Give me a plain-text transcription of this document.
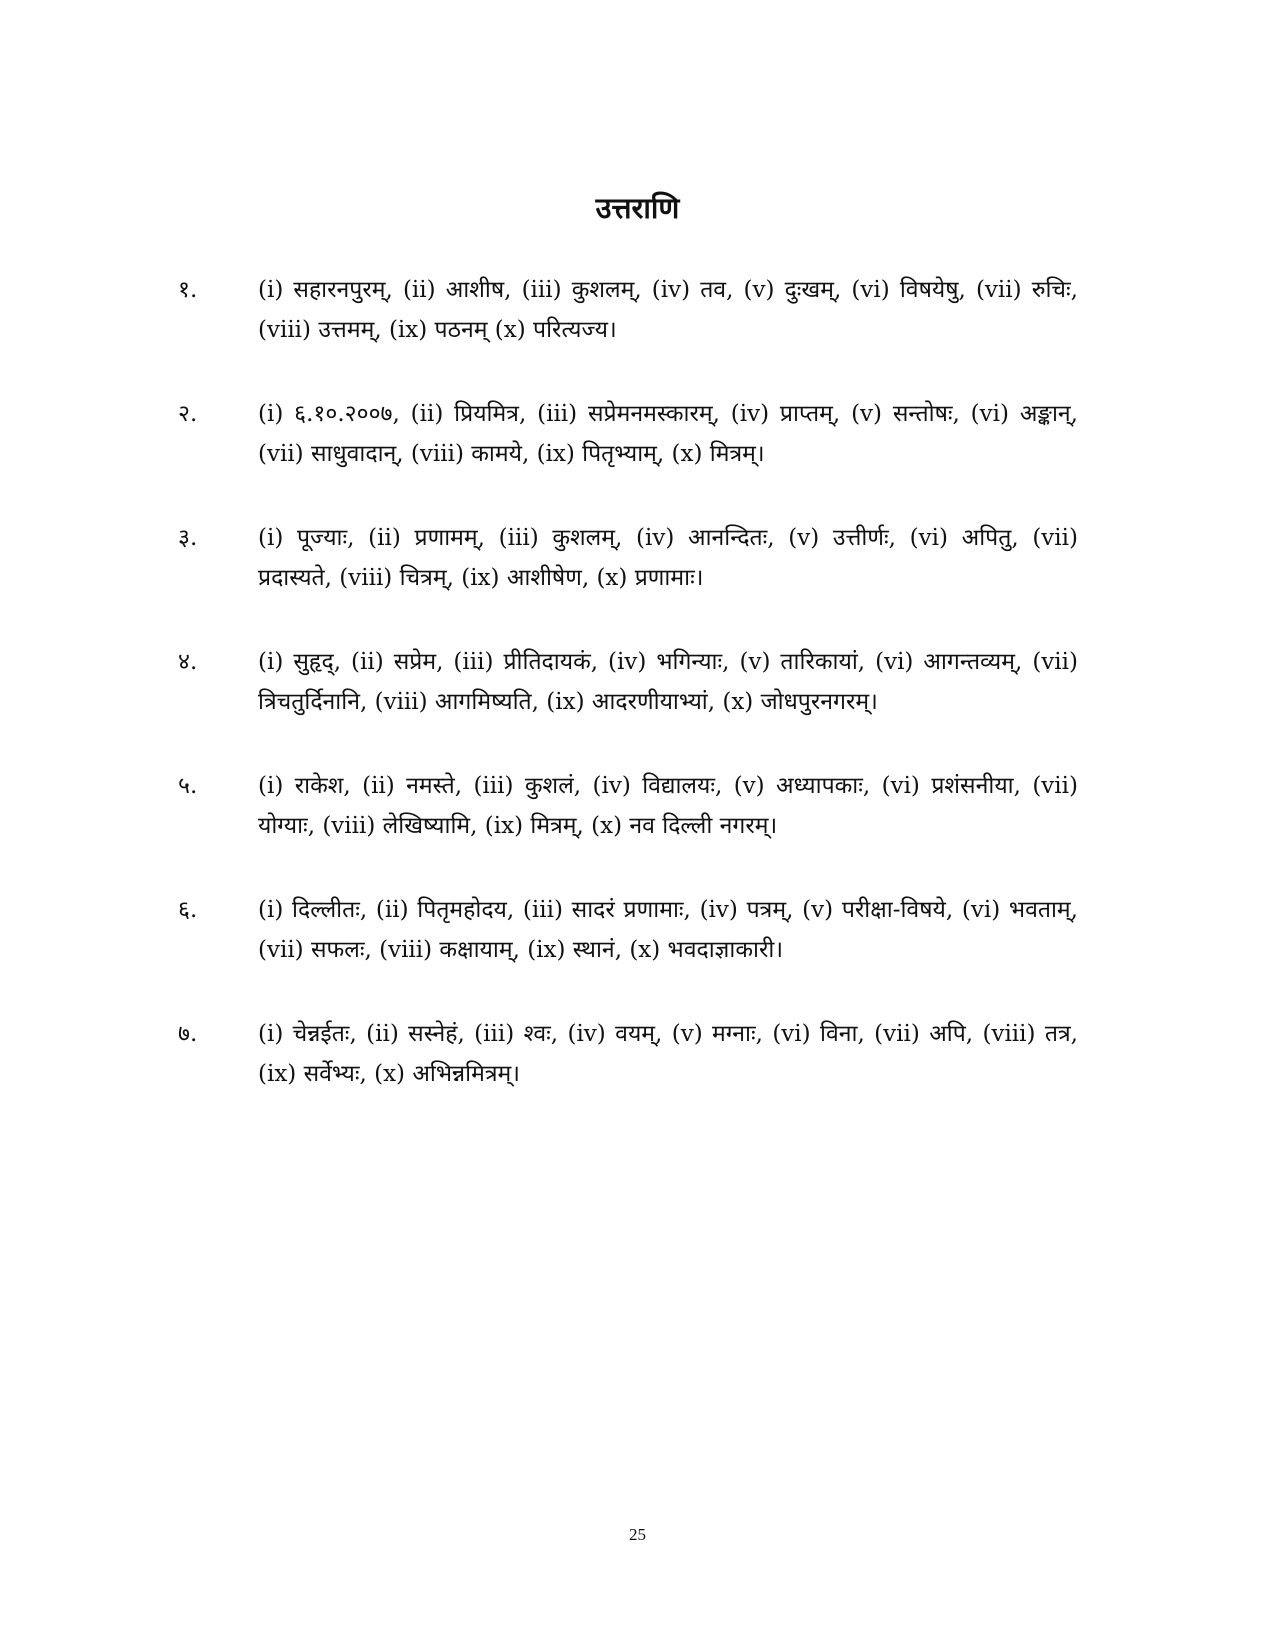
उत्तराणि
१.	(i) सहारनपुरम्, (ii) आशीष, (iii) कुशलम्, (iv) तव, (v) दुःखम्, (vi) विषयेषु, (vii) रुचिः, (viii) उत्तमम्, (ix) पठनम् (x) परित्यज्य।

२.	(i) ६.१०.२००७, (ii) प्रियमित्र, (iii) सप्रेमनमस्कारम्, (iv) प्राप्तम्, (v) सन्तोषः, (vi) अङ्कान्, (vii) साधुवादान्, (viii) कामये, (ix) पितृभ्याम्, (x) मित्रम्।

३.	(i) पूज्याः, (ii) प्रणामम्, (iii) कुशलम्, (iv) आनन्दितः, (v) उत्तीर्णः, (vi) अपितु, (vii) प्रदास्यते, (viii) चित्रम्, (ix) आशीषेण, (x) प्रणामाः।

४.	(i) सुहृद्, (ii) सप्रेम, (iii) प्रीतिदायकं, (iv) भगिन्याः, (v) तारिकायां, (vi) आगन्तव्यम्, (vii) त्रिचतुर्दिनानि, (viii) आगमिष्यति, (ix) आदरणीयाभ्यां, (x) जोधपुरनगरम्।

५.	(i) राकेश, (ii) नमस्ते, (iii) कुशलं, (iv) विद्यालयः, (v) अध्यापकाः, (vi) प्रशंसनीया, (vii) योग्याः, (viii) लेखिष्यामि, (ix) मित्रम्, (x) नव दिल्ली नगरम्।

६.	(i) दिल्लीतः, (ii) पितृमहोदय, (iii) सादरं प्रणामाः, (iv) पत्रम्, (v) परीक्षा-विषये, (vi) भवताम्, (vii) सफलः, (viii) कक्षायाम्, (ix) स्थानं, (x) भवदाज्ञाकारी।

७.	(i) चेन्नईतः, (ii) सस्नेहं, (iii) श्वः, (iv) वयम्, (v) मग्नाः, (vi) विना, (vii) अपि, (viii) तत्र, (ix) सर्वेभ्यः, (x) अभिन्नमित्रम्।

25
